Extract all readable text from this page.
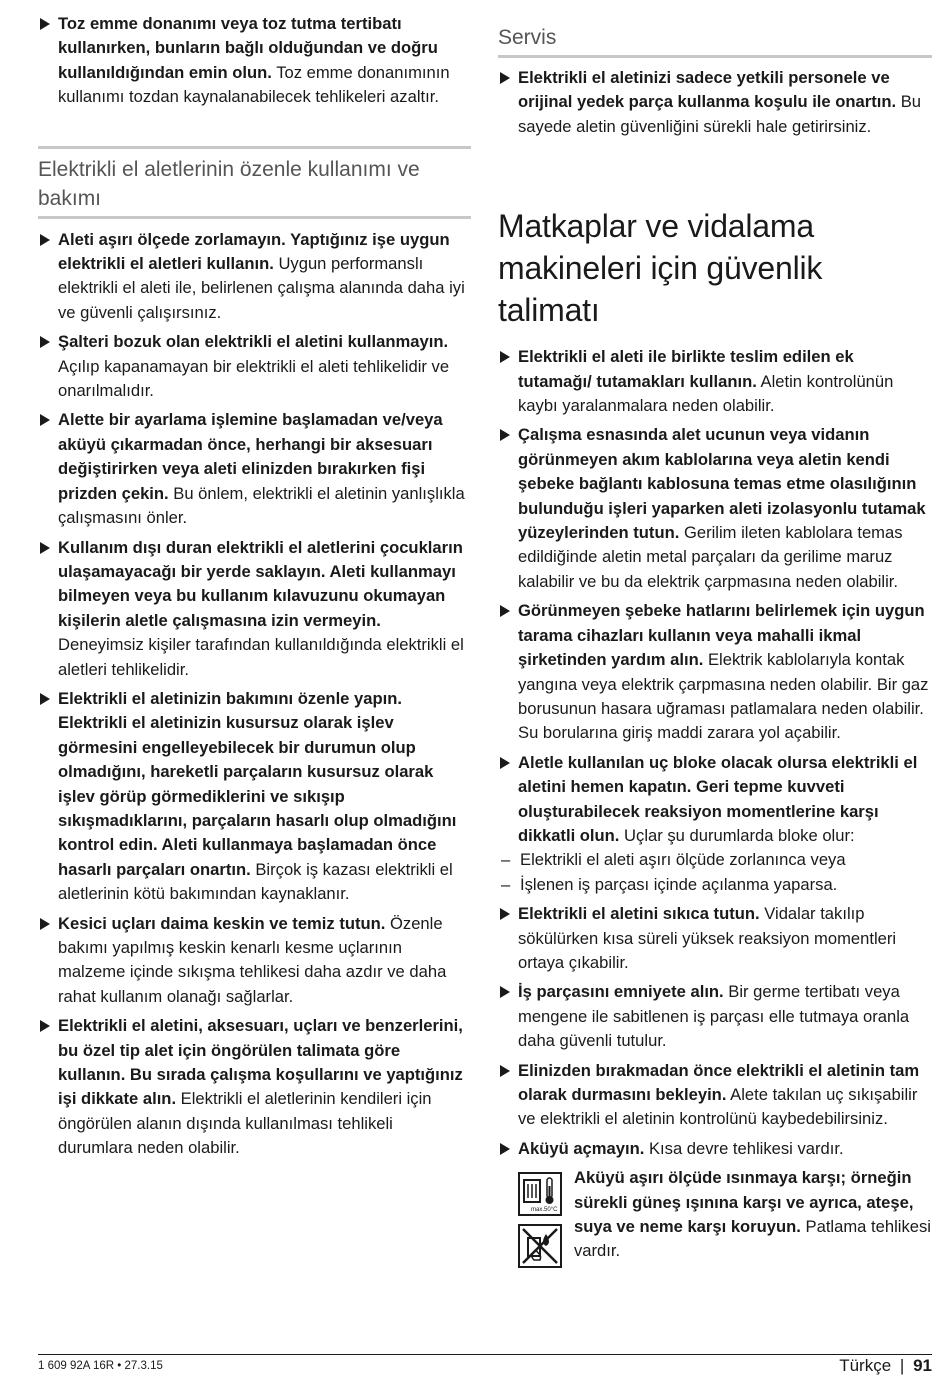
Toz emme donanımı veya toz tutma tertibatı kullanırken, bunların bağlı olduğundan ve doğru kullanıldığından emin olun. Toz emme donanımının kullanımı tozdan kaynalanabilecek tehlikeleri azaltır.

Elektrikli el aletlerinin özenle kullanımı ve bakımı

Aleti aşırı ölçede zorlamayın. Yaptığınız işe uygun elektrikli el aletleri kullanın. Uygun performanslı elektrikli el aleti ile, belirlenen çalışma alanında daha iyi ve güvenli çalışırsınız.

Şalteri bozuk olan elektrikli el aletini kullanmayın. Açılıp kapanamayan bir elektrikli el aleti tehlikelidir ve onarılmalıdır.

Alette bir ayarlama işlemine başlamadan ve/veya aküyü çıkarmadan önce, herhangi bir aksesuarı değiştirirken veya aleti elinizden bırakırken fişi prizden çekin. Bu önlem, elektrikli el aletinin yanlışlıkla çalışmasını önler.

Kullanım dışı duran elektrikli el aletlerini çocukların ulaşamayacağı bir yerde saklayın. Aleti kullanmayı bilmeyen veya bu kullanım kılavuzunu okumayan kişilerin aletle çalışmasına izin vermeyin. Deneyimsiz kişiler tarafından kullanıldığında elektrikli el aletleri tehlikelidir.

Elektrikli el aletinizin bakımını özenle yapın. Elektrikli el aletinizin kusursuz olarak işlev görmesini engelleyebilecek bir durumun olup olmadığını, hareketli parçaların kusursuz olarak işlev görüp görmediklerini ve sıkışıp sıkışmadıklarını, parçaların hasarlı olup olmadığını kontrol edin. Aleti kullanmaya başlamadan önce hasarlı parçaları onartın. Birçok iş kazası elektrikli el aletlerinin kötü bakımından kaynaklanır.

Kesici uçları daima keskin ve temiz tutun. Özenle bakımı yapılmış keskin kenarlı kesme uçlarının malzeme içinde sıkışma tehlikesi daha azdır ve daha rahat kullanım olanağı sağlarlar.

Elektrikli el aletini, aksesuarı, uçları ve benzerlerini, bu özel tip alet için öngörülen talimata göre kullanın. Bu sırada çalışma koşullarını ve yaptığınız işi dikkate alın. Elektrikli el aletlerinin kendileri için öngörülen alanın dışında kullanılması tehlikeli durumlara neden olabilir.

Servis

Elektrikli el aletinizi sadece yetkili personele ve orijinal yedek parça kullanma koşulu ile onartın. Bu sayede aletin güvenliğini sürekli hale getirirsiniz.

Matkaplar ve vidalama makineleri için güvenlik talimatı

Elektrikli el aleti ile birlikte teslim edilen ek tutamağı/ tutamakları kullanın. Aletin kontrolünün kaybı yaralanmalara neden olabilir.

Çalışma esnasında alet ucunun veya vidanın görünmeyen akım kablolarına veya aletin kendi şebeke bağlantı kablosuna temas etme olasılığının bulunduğu işleri yaparken aleti izolasyonlu tutamak yüzeylerinden tutun. Gerilim ileten kablolara temas edildiğinde aletin metal parçaları da gerilime maruz kalabilir ve bu da elektrik çarpmasına neden olabilir.

Görünmeyen şebeke hatlarını belirlemek için uygun tarama cihazları kullanın veya mahalli ikmal şirketinden yardım alın. Elektrik kablolarıyla kontak yangına veya elektrik çarpmasına neden olabilir. Bir gaz borusunun hasara uğraması patlamalara neden olabilir. Su borularına giriş maddi zarara yol açabilir.

Aletle kullanılan uç bloke olacak olursa elektrikli el aletini hemen kapatın. Geri tepme kuvveti oluşturabilecek reaksiyon momentlerine karşı dikkatli olun. Uçlar şu durumlarda bloke olur:

– Elektrikli el aleti aşırı ölçüde zorlanınca veya

– İşlenen iş parçası içinde açılanma yaparsa.

Elektrikli el aletini sıkıca tutun. Vidalar takılıp sökülürken kısa süreli yüksek reaksiyon momentleri ortaya çıkabilir.

İş parçasını emniyete alın. Bir germe tertibatı veya mengene ile sabitlenen iş parçası elle tutmaya oranla daha güvenli tutulur.

Elinizden bırakmadan önce elektrikli el aletinin tam olarak durmasını bekleyin. Alete takılan uç sıkışabilir ve elektrikli el aletinin kontrolünü kaybedebilirsiniz.

Aküyü açmayın. Kısa devre tehlikesi vardır.

max.50°C
Aküyü aşırı ölçüde ısınmaya karşı; örneğin sürekli güneş ışınına karşı ve ayrıca, ateşe, suya ve neme karşı koruyun. Patlama tehlikesi vardır.
1 609 92A 16R • 27.3.15	Türkçe | 91
